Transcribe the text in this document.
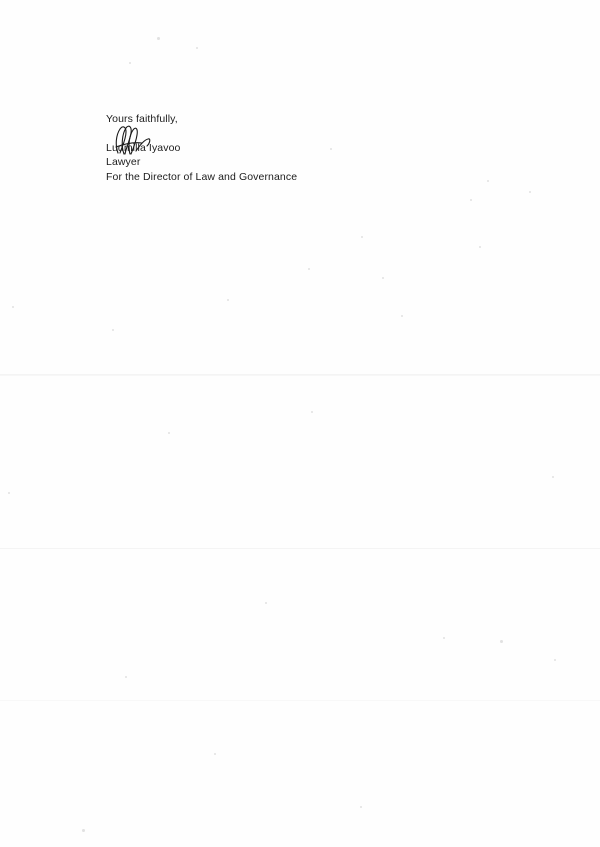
Yours faithfully,
Ludmilla Iyavoo
Lawyer
For the Director of Law and Governance
